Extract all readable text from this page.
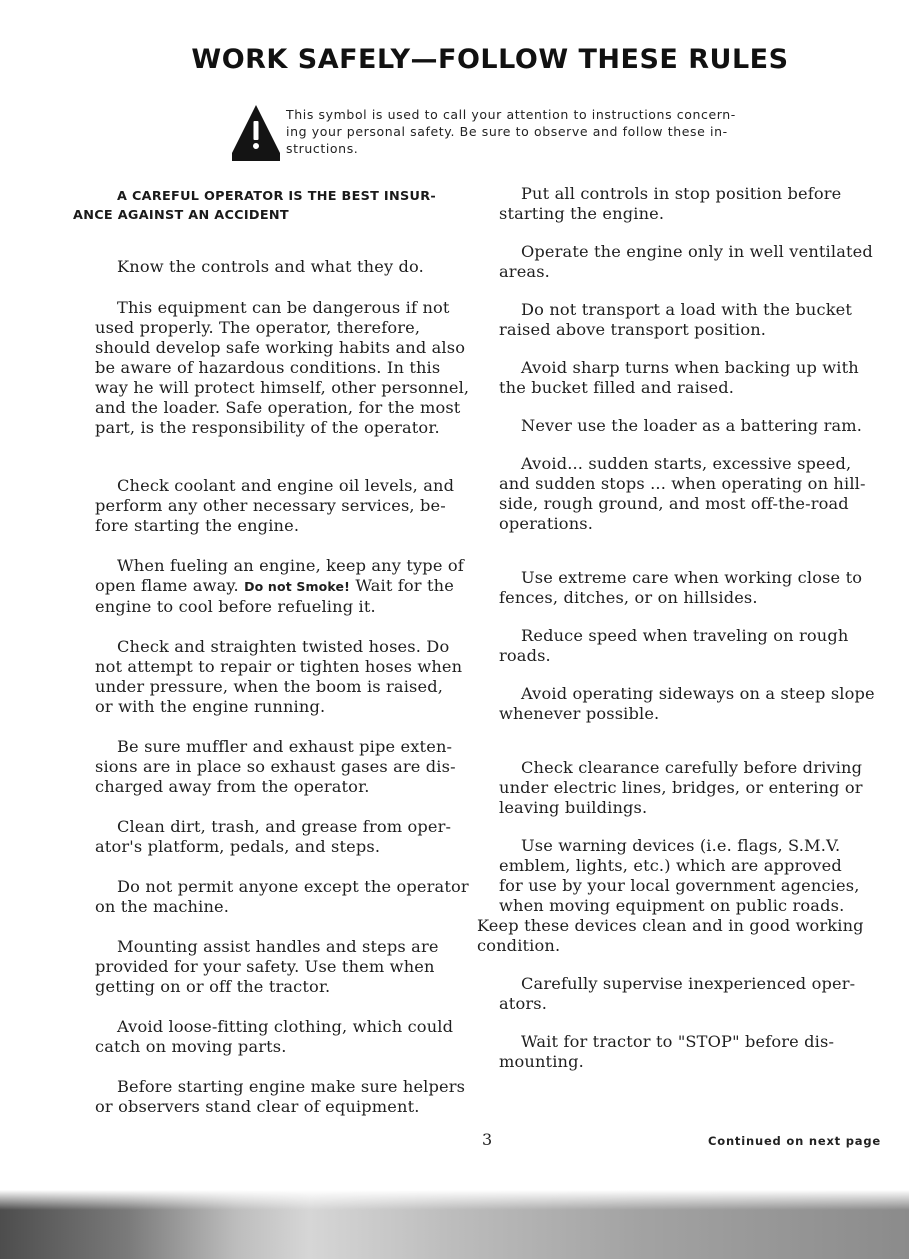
WORK SAFELY—FOLLOW THESE RULES
This symbol is used to call your attention to instructions concern-
ing your personal safety. Be sure to observe and follow these in-
structions.

A CAREFUL OPERATOR IS THE BEST INSUR-
ANCE AGAINST AN ACCIDENT

Know the controls and what they do.

This equipment can be dangerous if not
used properly. The operator, therefore,
should develop safe working habits and also
be aware of hazardous conditions. In this
way he will protect himself, other personnel,
and the loader. Safe operation, for the most
part, is the responsibility of the operator.

Check coolant and engine oil levels, and
perform any other necessary services, be-
fore starting the engine.

When fueling an engine, keep any type of
open flame away. Do not Smoke! Wait for the
engine to cool before refueling it.

Check and straighten twisted hoses. Do
not attempt to repair or tighten hoses when
under pressure, when the boom is raised,
or with the engine running.

Be sure muffler and exhaust pipe exten-
sions are in place so exhaust gases are dis-
charged away from the operator.

Clean dirt, trash, and grease from oper-
ator's platform, pedals, and steps.

Do not permit anyone except the operator
on the machine.

Mounting assist handles and steps are
provided for your safety. Use them when
getting on or off the tractor.

Avoid loose-fitting clothing, which could
catch on moving parts.

Before starting engine make sure helpers
or observers stand clear of equipment.

Put all controls in stop position before
starting the engine.

Operate the engine only in well ventilated
areas.

Do not transport a load with the bucket
raised above transport position.

Avoid sharp turns when backing up with
the bucket filled and raised.

Never use the loader as a battering ram.

Avoid... sudden starts, excessive speed,
and sudden stops ... when operating on hill-
side, rough ground, and most off-the-road
operations.

Use extreme care when working close to
fences, ditches, or on hillsides.

Reduce speed when traveling on rough
roads.

Avoid operating sideways on a steep slope
whenever possible.

Check clearance carefully before driving
under electric lines, bridges, or entering or
leaving buildings.

Use warning devices (i.e. flags, S.M.V.
emblem, lights, etc.) which are approved
for use by your local government agencies,
when moving equipment on public roads.
Keep these devices clean and in good working
condition.

Carefully supervise inexperienced oper-
ators.

Wait for tractor to "STOP" before dis-
mounting.

Continued on next page
3
